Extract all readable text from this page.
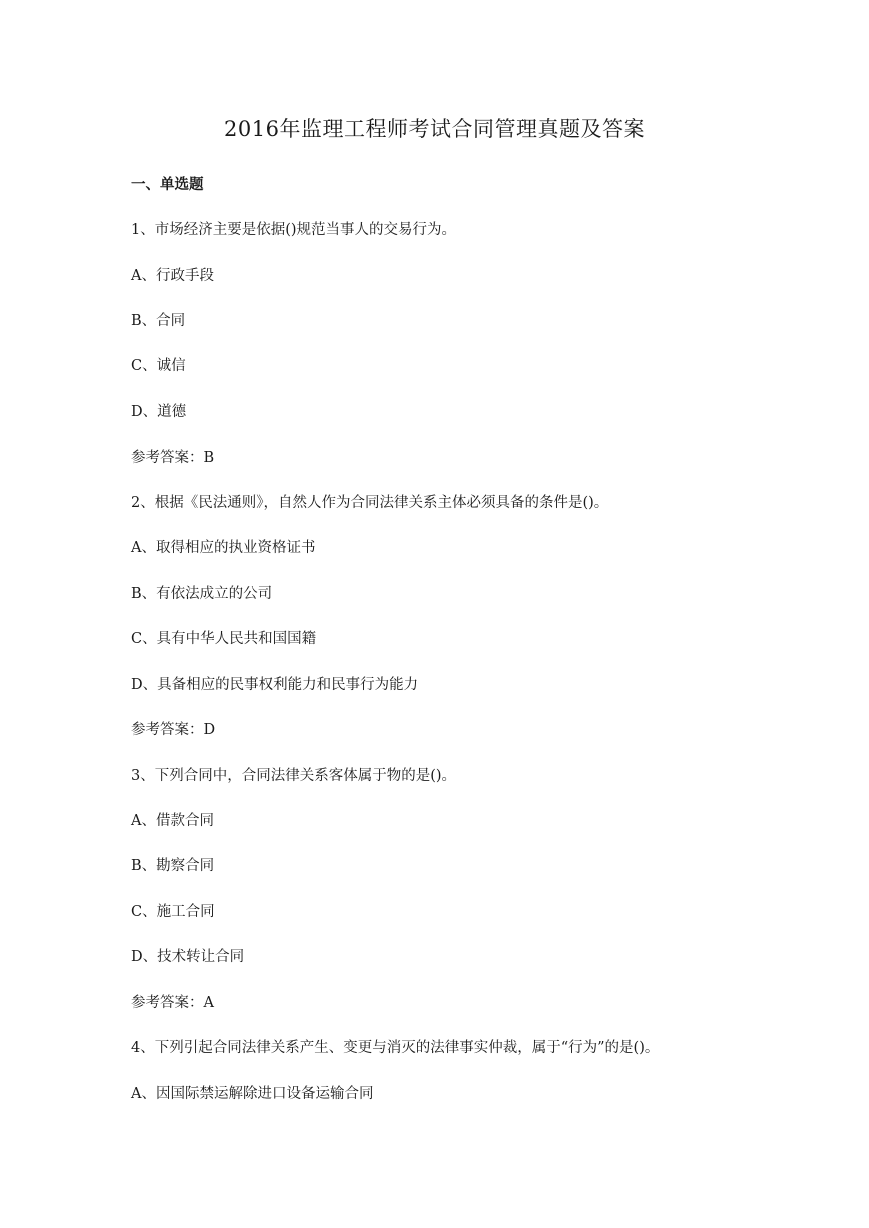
2016年监理工程师考试合同管理真题及答案
一、单选题
1、市场经济主要是依据()规范当事人的交易行为。
A、行政手段
B、合同
C、诚信
D、道德
参考答案：B
2、根据《民法通则》，自然人作为合同法律关系主体必须具备的条件是()。
A、取得相应的执业资格证书
B、有依法成立的公司
C、具有中华人民共和国国籍
D、具备相应的民事权利能力和民事行为能力
参考答案：D
3、下列合同中，合同法律关系客体属于物的是()。
A、借款合同
B、勘察合同
C、施工合同
D、技术转让合同
参考答案：A
4、下列引起合同法律关系产生、变更与消灭的法律事实仲裁，属于“行为”的是()。
A、因国际禁运解除进口设备运输合同
